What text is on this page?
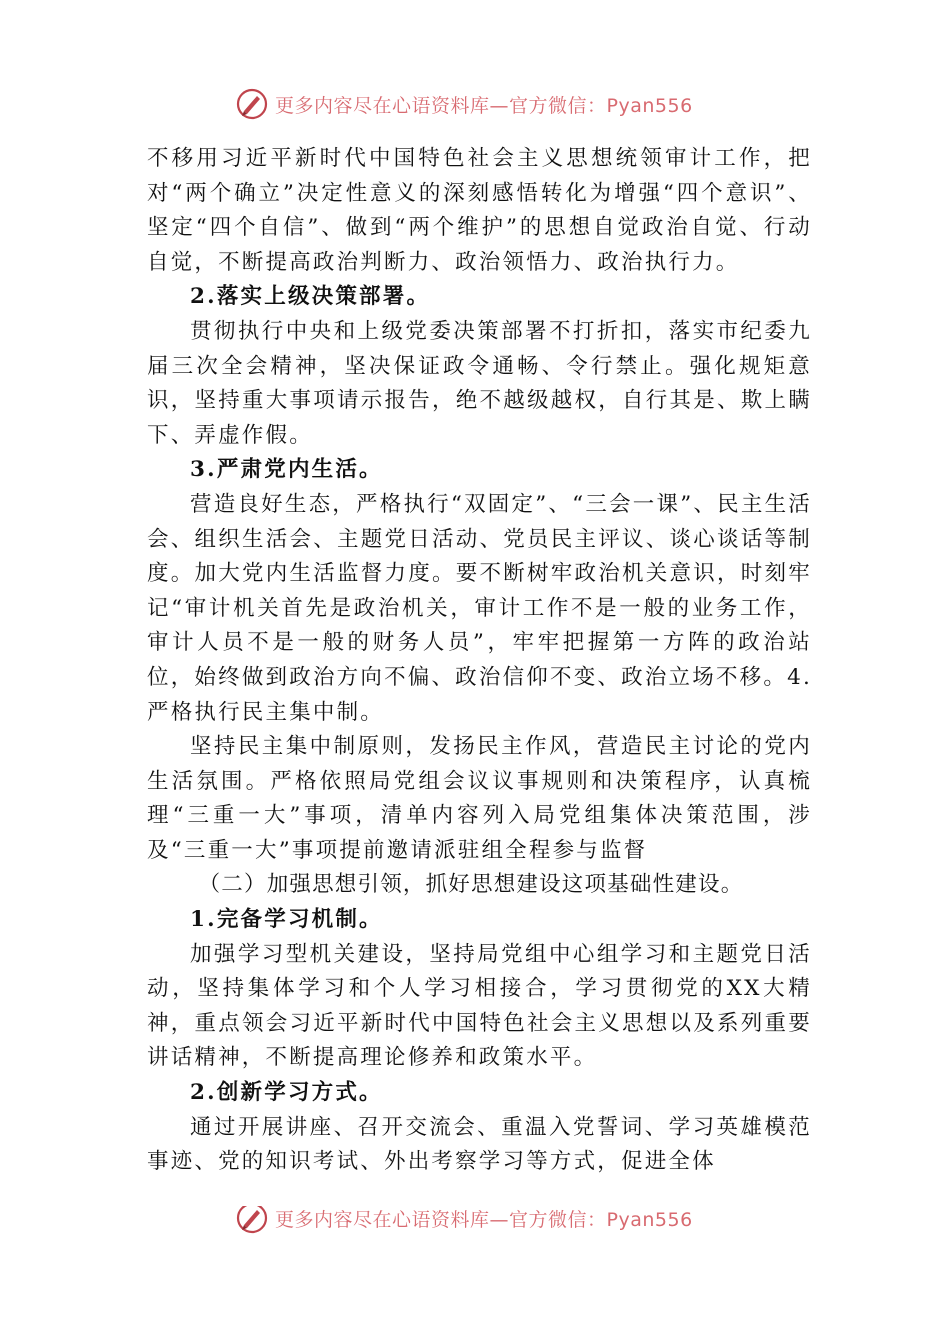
更多内容尽在心语资料库—官方微信：Pyan556

不移用习近平新时代中国特色社会主义思想统领审计工作，把对“两个确立”决定性意义的深刻感悟转化为增强“四个意识”、坚定“四个自信”、做到“两个维护”的思想自觉政治自觉、行动自觉，不断提高政治判断力、政治领悟力、政治执行力。

2.落实上级决策部署。

贯彻执行中央和上级党委决策部署不打折扣，落实市纪委九届三次全会精神，坚决保证政令通畅、令行禁止。强化规矩意识，坚持重大事项请示报告，绝不越级越权，自行其是、欺上瞒下、弄虚作假。

3.严肃党内生活。

营造良好生态，严格执行“双固定”、“三会一课”、民主生活会、组织生活会、主题党日活动、党员民主评议、谈心谈话等制度。加大党内生活监督力度。要不断树牢政治机关意识，时刻牢记“审计机关首先是政治机关，审计工作不是一般的业务工作，审计人员不是一般的财务人员”，牢牢把握第一方阵的政治站位，始终做到政治方向不偏、政治信仰不变、政治立场不移。4.严格执行民主集中制。

坚持民主集中制原则，发扬民主作风，营造民主讨论的党内生活氛围。严格依照局党组会议议事规则和决策程序，认真梳理“三重一大”事项，清单内容列入局党组集体决策范围，涉及“三重一大”事项提前邀请派驻组全程参与监督

（二）加强思想引领，抓好思想建设这项基础性建设。

1.完备学习机制。

加强学习型机关建设，坚持局党组中心组学习和主题党日活动，坚持集体学习和个人学习相接合，学习贯彻党的XX大精神，重点领会习近平新时代中国特色社会主义思想以及系列重要讲话精神，不断提高理论修养和政策水平。

2.创新学习方式。

通过开展讲座、召开交流会、重温入党誓词、学习英雄模范事迹、党的知识考试、外出考察学习等方式，促进全体

更多内容尽在心语资料库—官方微信：Pyan556
